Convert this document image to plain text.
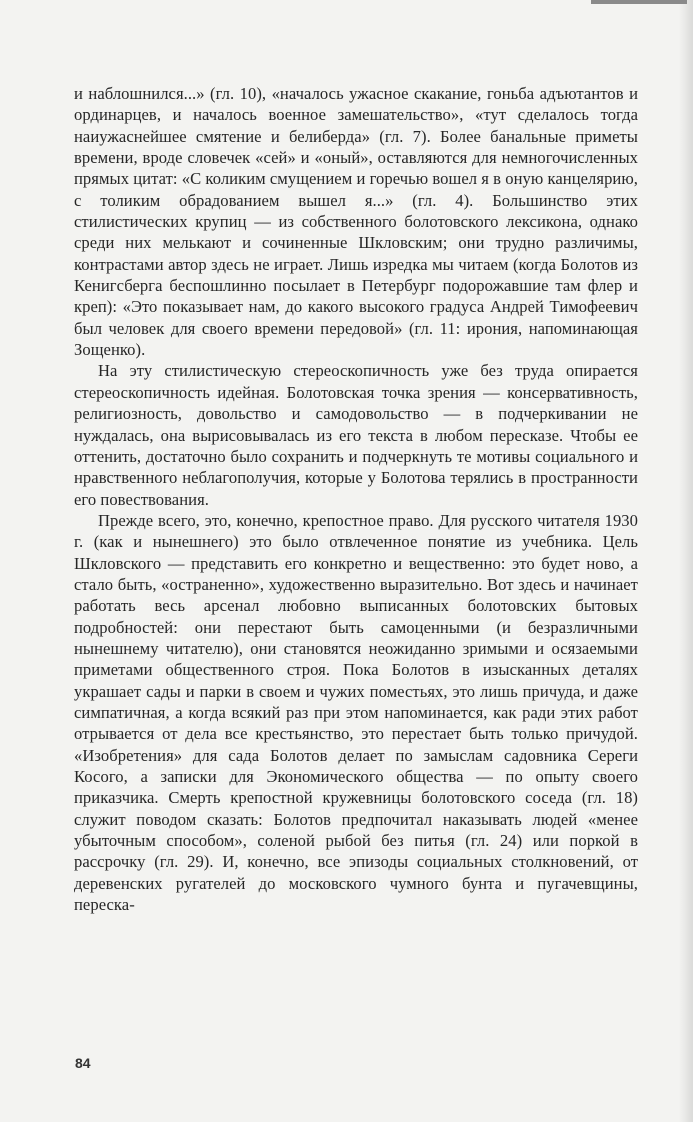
и наблошнился...» (гл. 10), «началось ужасное скакание, гоньба адъютантов и ординарцев, и началось военное замешательство», «тут сделалось тогда наиужаснейшее смятение и белиберда» (гл. 7). Более банальные приметы времени, вроде словечек «сей» и «оный», оставляются для немногочисленных прямых цитат: «С коликим смущением и горечью вошел я в оную канцелярию, с толиким обрадованием вышел я...» (гл. 4). Большинство этих стилистических крупиц — из собственного болотовского лексикона, однако среди них мелькают и сочиненные Шкловским; они трудно различимы, контрастами автор здесь не играет. Лишь изредка мы читаем (когда Болотов из Кенигсберга беспошлинно посылает в Петербург подорожавшие там флер и креп): «Это показывает нам, до какого высокого градуса Андрей Тимофеевич был человек для своего времени передовой» (гл. 11: ирония, напоминающая Зощенко).

На эту стилистическую стереоскопичность уже без труда опирается стереоскопичность идейная. Болотовская точка зрения — консервативность, религиозность, довольство и самодовольство — в подчеркивании не нуждалась, она вырисовывалась из его текста в любом пересказе. Чтобы ее оттенить, достаточно было сохранить и подчеркнуть те мотивы социального и нравственного неблагополучия, которые у Болотова терялись в пространности его повествования.

Прежде всего, это, конечно, крепостное право. Для русского читателя 1930 г. (как и нынешнего) это было отвлеченное понятие из учебника. Цель Шкловского — представить его конкретно и вещественно: это будет ново, а стало быть, «остраненно», художественно выразительно. Вот здесь и начинает работать весь арсенал любовно выписанных болотовских бытовых подробностей: они перестают быть самоценными (и безразличными нынешнему читателю), они становятся неожиданно зримыми и осязаемыми приметами общественного строя. Пока Болотов в изысканных деталях украшает сады и парки в своем и чужих поместьях, это лишь причуда, и даже симпатичная, а когда всякий раз при этом напоминается, как ради этих работ отрывается от дела все крестьянство, это перестает быть только причудой. «Изобретения» для сада Болотов делает по замыслам садовника Сереги Косого, а записки для Экономического общества — по опыту своего приказчика. Смерть крепостной кружевницы болотовского соседа (гл. 18) служит поводом сказать: Болотов предпочитал наказывать людей «менее убыточным способом», соленой рыбой без питья (гл. 24) или поркой в рассрочку (гл. 29). И, конечно, все эпизоды социальных столкновений, от деревенских ругателей до московского чумного бунта и пугачевщины, переска-

84
